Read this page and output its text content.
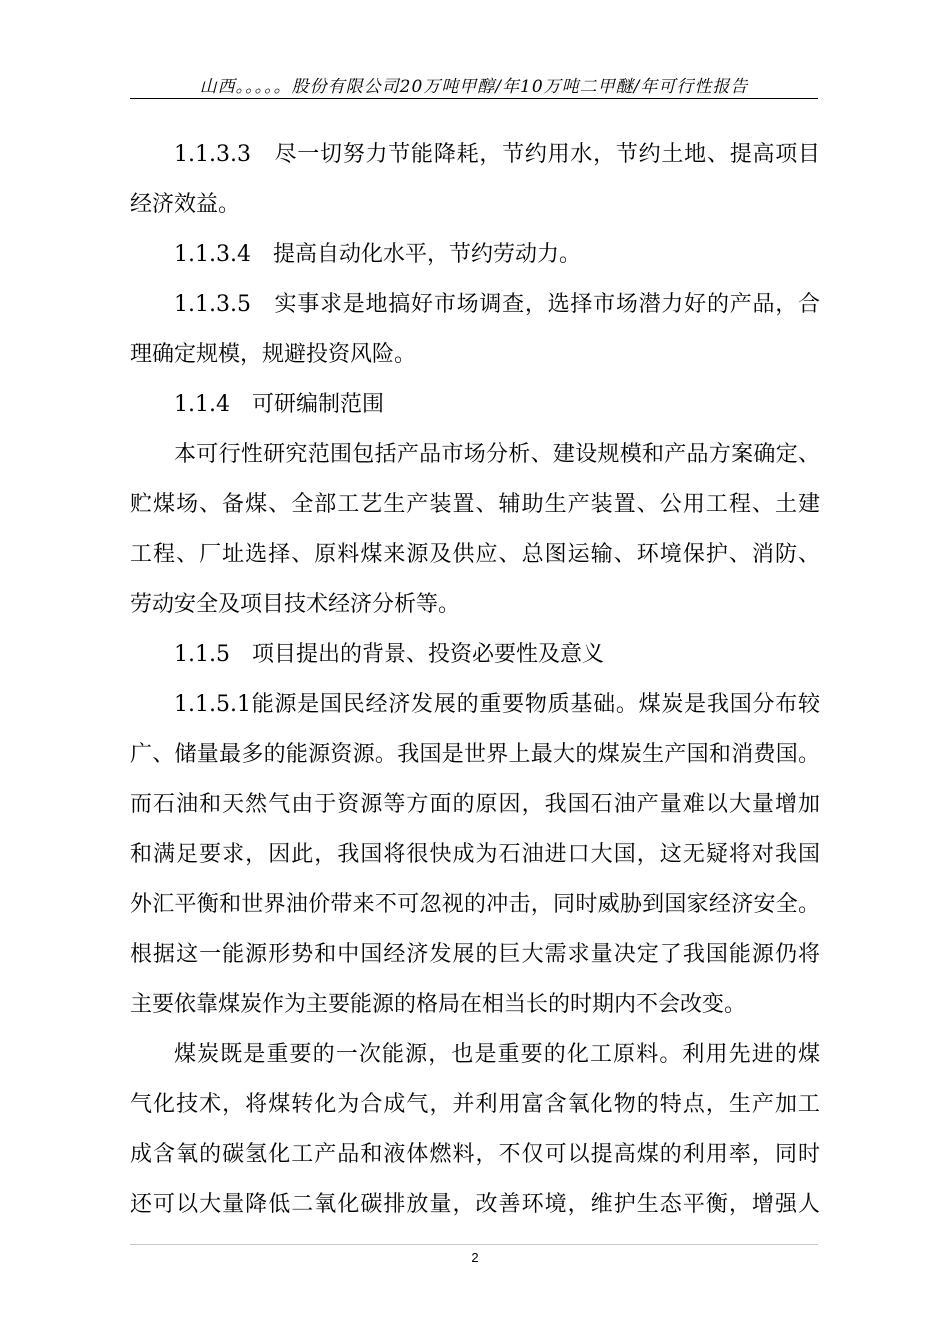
山西。。。。。股份有限公司20万吨甲醇/年10万吨二甲醚/年可行性报告
1.1.3.3　尽一切努力节能降耗，节约用水，节约土地、提高项目
经济效益。
1.1.3.4　提高自动化水平，节约劳动力。
1.1.3.5　实事求是地搞好市场调查，选择市场潜力好的产品，合
理确定规模，规避投资风险。
1.1.4　可研编制范围
本可行性研究范围包括产品市场分析、建设规模和产品方案确定、
贮煤场、备煤、全部工艺生产装置、辅助生产装置、公用工程、土建
工程、厂址选择、原料煤来源及供应、总图运输、环境保护、消防、
劳动安全及项目技术经济分析等。
1.1.5　项目提出的背景、投资必要性及意义
1.1.5.1能源是国民经济发展的重要物质基础。煤炭是我国分布较
广、储量最多的能源资源。我国是世界上最大的煤炭生产国和消费国。
而石油和天然气由于资源等方面的原因，我国石油产量难以大量增加
和满足要求，因此，我国将很快成为石油进口大国，这无疑将对我国
外汇平衡和世界油价带来不可忽视的冲击，同时威胁到国家经济安全。
根据这一能源形势和中国经济发展的巨大需求量决定了我国能源仍将
主要依靠煤炭作为主要能源的格局在相当长的时期内不会改变。
煤炭既是重要的一次能源，也是重要的化工原料。利用先进的煤
气化技术，将煤转化为合成气，并利用富含氧化物的特点，生产加工
成含氧的碳氢化工产品和液体燃料，不仅可以提高煤的利用率，同时
还可以大量降低二氧化碳排放量，改善环境，维护生态平衡，增强人
2
